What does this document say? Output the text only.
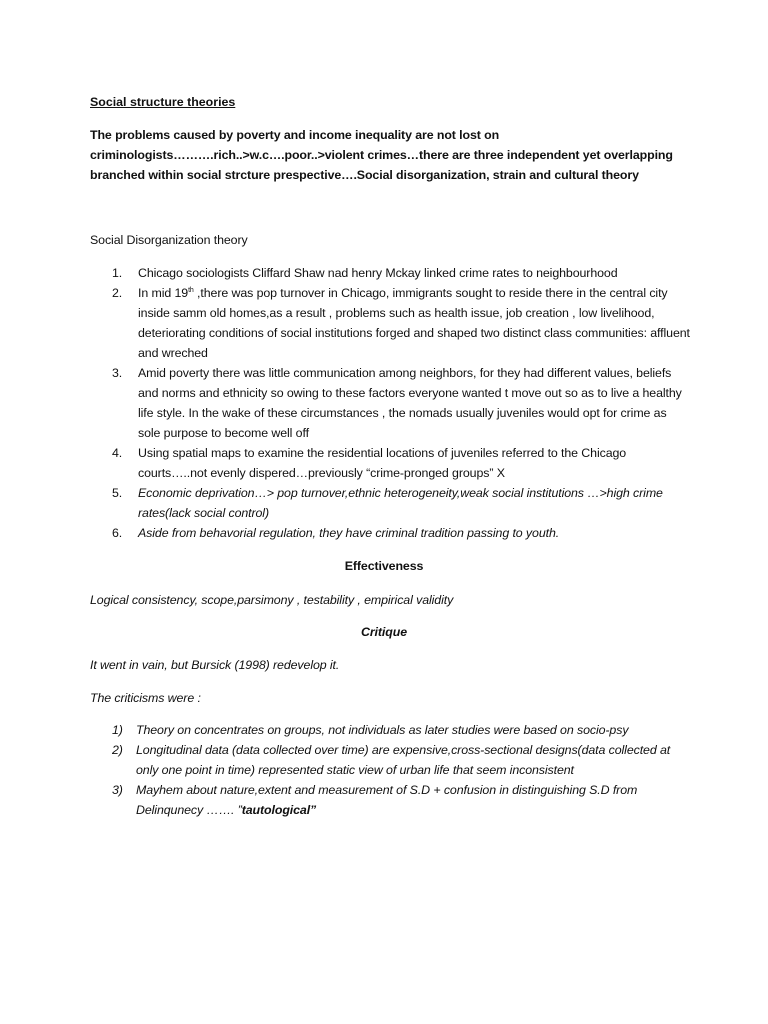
Social structure theories
The problems caused by poverty and income inequality are not lost on criminologists……….rich..>w.c….poor..>violent crimes…there are three independent yet overlapping branched within social strcture prespective….Social disorganization, strain and cultural theory
Social Disorganization theory
1.	Chicago sociologists Cliffard Shaw nad henry Mckay linked crime rates to neighbourhood
2.	In mid 19th ,there was pop turnover in Chicago, immigrants sought to reside there in the central city inside samm old homes,as a result , problems such as health issue, job creation , low livelihood, deteriorating conditions of social institutions forged and shaped two distinct class communities: affluent and wreched
3.	Amid poverty there was little communication among neighbors, for they had different values, beliefs and norms and ethnicity so owing to these factors everyone wanted t move out so as to live a healthy life style. In the wake of these circumstances , the nomads usually juveniles would opt for crime as sole purpose to become well off
4.	Using spatial maps to examine the residential locations of juveniles referred to the Chicago courts…..not evenly dispered…previously “crime-pronged groups” X
5.	Economic deprivation…> pop turnover,ethnic heterogeneity,weak social institutions …>high crime rates(lack social control)
6.	Aside from behavorial regulation, they have criminal tradition passing to youth.
Effectiveness
Logical consistency, scope,parsimony , testability , empirical validity
Critique
It went in vain, but Bursick (1998) redevelop it.
The criticisms were :
1)	Theory on concentrates on groups, not individuals as later studies were based on socio-psy
2)	Longitudinal data (data collected over time) are expensive,cross-sectional designs(data collected at only one point in time) represented static view of urban life that seem inconsistent
3)	Mayhem about nature,extent and measurement of S.D + confusion in distinguishing S.D from Delinqunecy ……. ”tautological”
